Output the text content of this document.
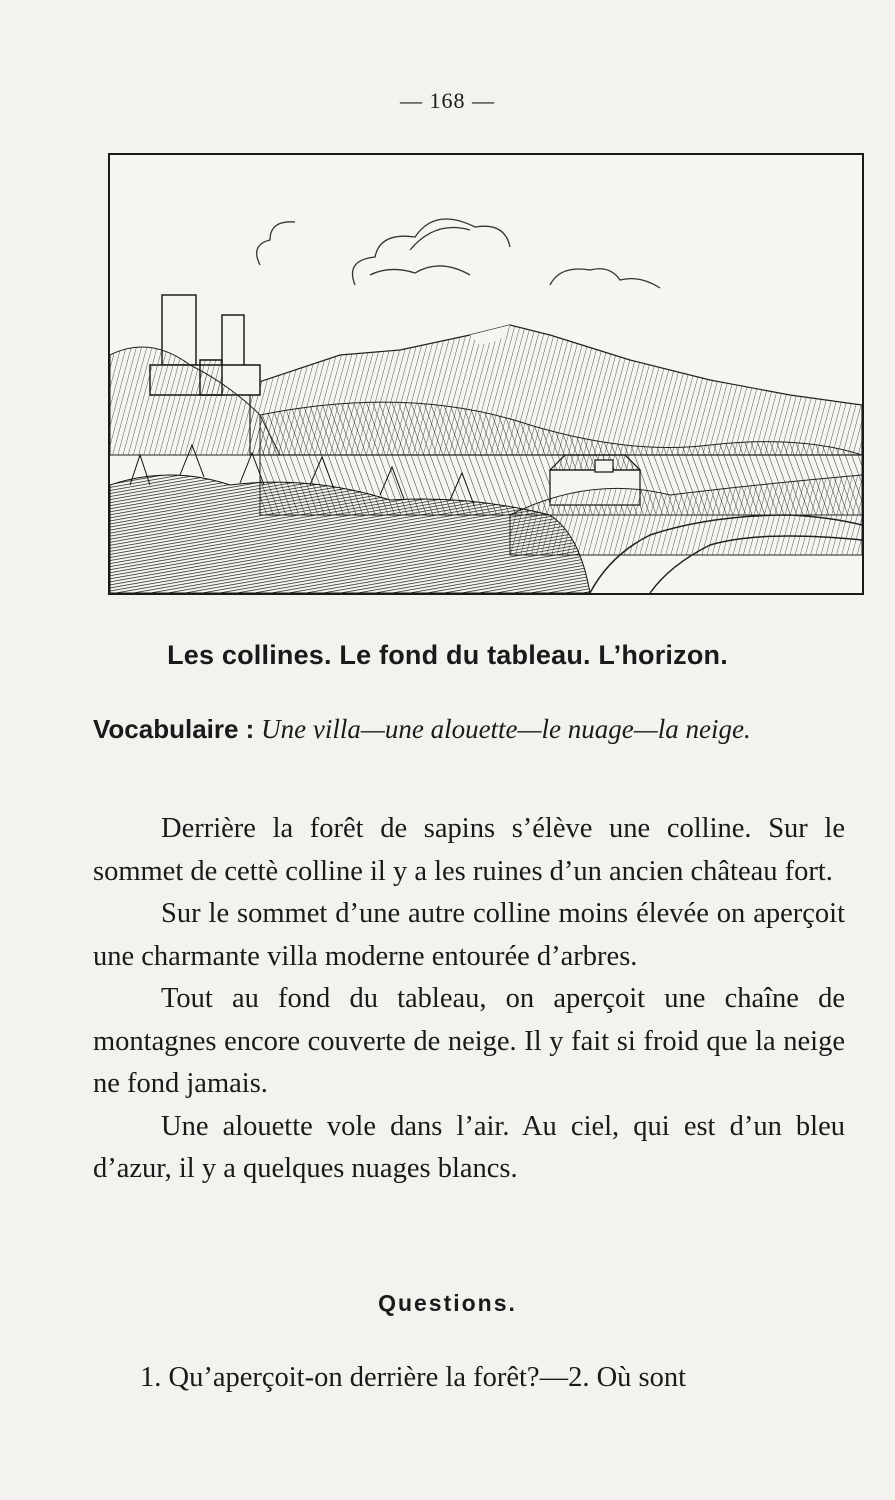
— 168 —
Les collines. Le fond du tableau. L’horizon.
Vocabulaire : Une villa—une alouette—le nuage—la neige.

Derrière la forêt de sapins s’élève une colline. Sur le sommet de cettè colline il y a les ruines d’un ancien château fort.

Sur le sommet d’une autre colline moins élevée on aperçoit une charmante villa moderne entourée d’arbres.

Tout au fond du tableau, on aperçoit une chaîne de montagnes encore couverte de neige. Il y fait si froid que la neige ne fond jamais.

Une alouette vole dans l’air. Au ciel, qui est d’un bleu d’azur, il y a quelques nuages blancs.

Questions.
1. Qu’aperçoit-on derrière la forêt?—2. Où sont
